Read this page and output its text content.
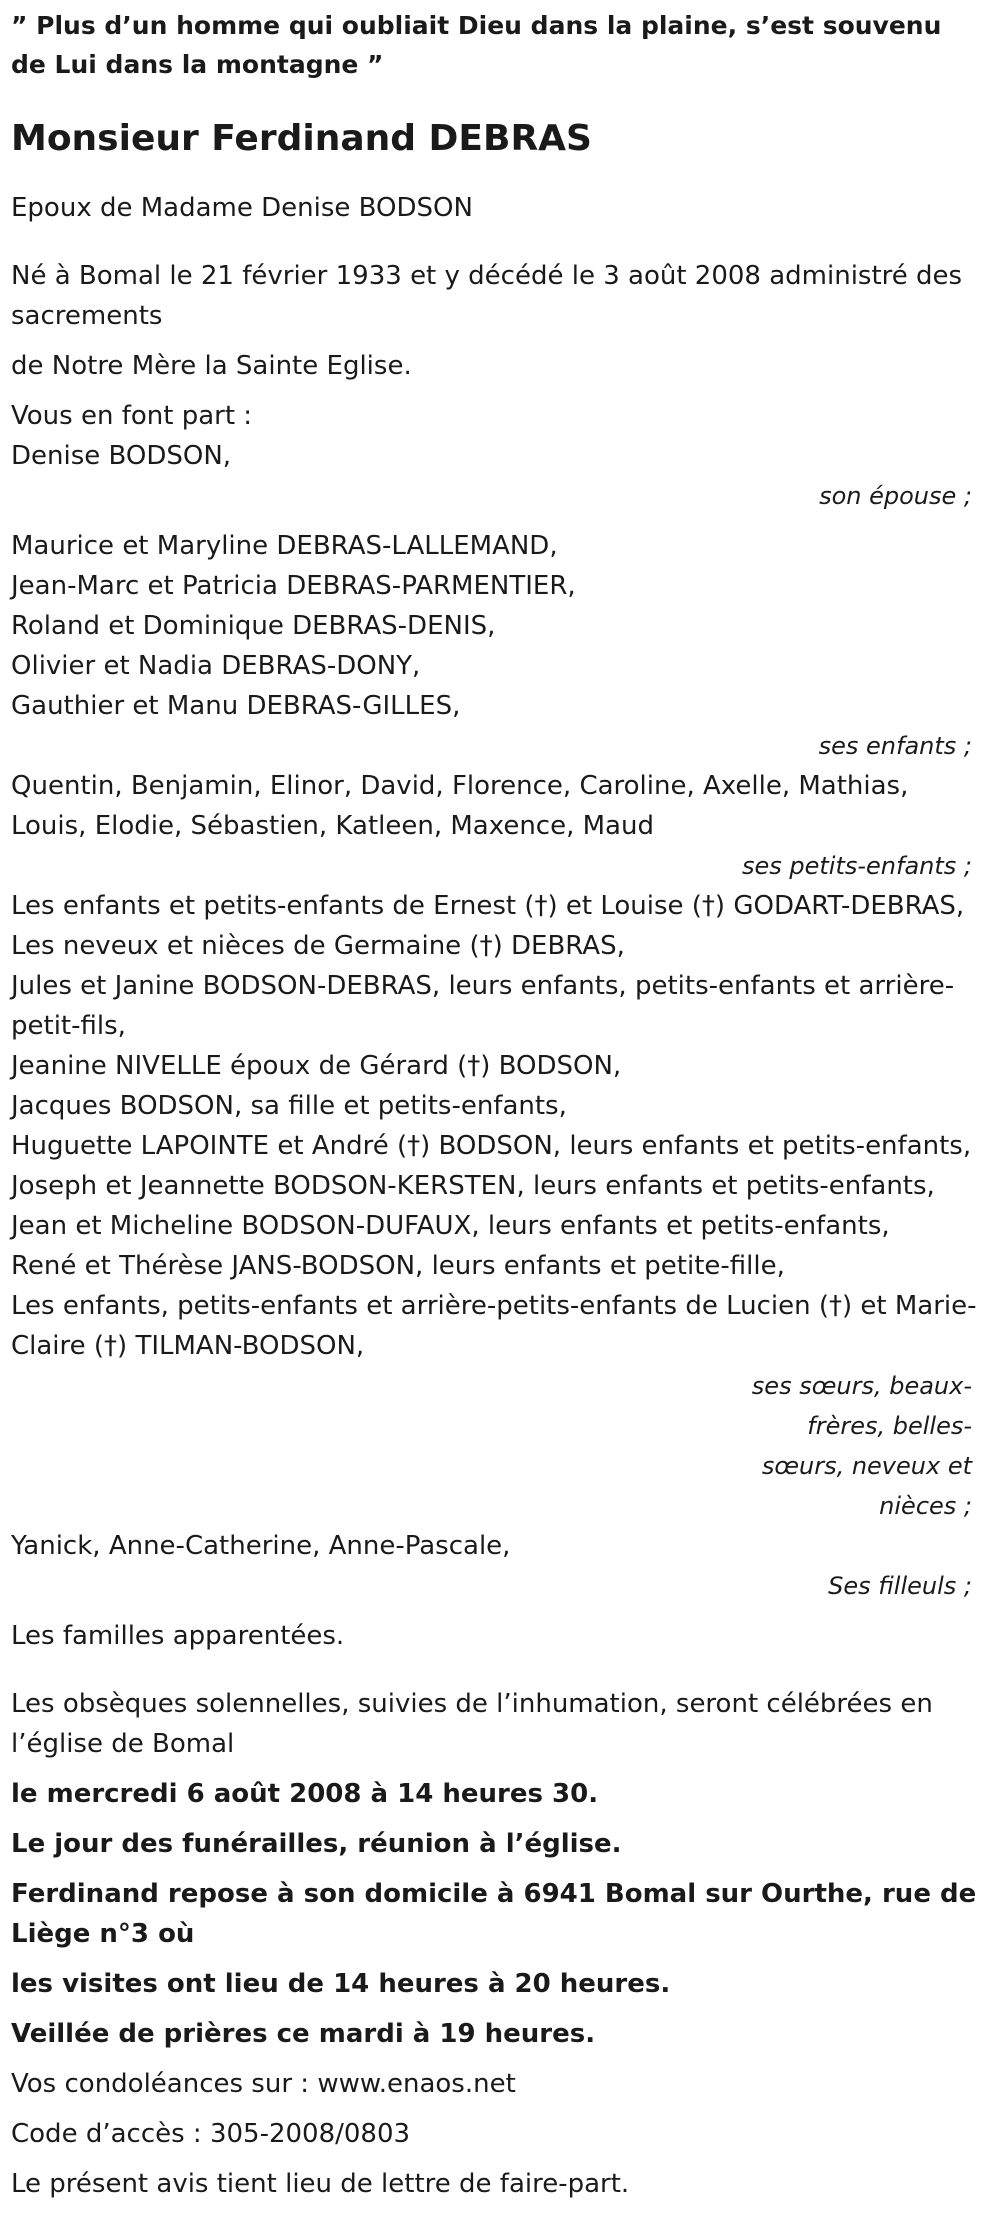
” Plus d’un homme qui oubliait Dieu dans la plaine, s’est souvenu de Lui dans la montagne ”

Monsieur Ferdinand DEBRAS

Epoux de Madame Denise BODSON

Né à Bomal le 21 février 1933 et y décédé le 3 août 2008 administré des sacrements

de Notre Mère la Sainte Eglise.

Vous en font part :

Denise BODSON,

son épouse ;

Maurice et Maryline DEBRAS-LALLEMAND,

Jean-Marc et Patricia DEBRAS-PARMENTIER,

Roland et Dominique DEBRAS-DENIS,

Olivier et Nadia DEBRAS-DONY,

Gauthier et Manu DEBRAS-GILLES,

ses enfants ;

Quentin, Benjamin, Elinor, David, Florence, Caroline, Axelle, Mathias, Louis, Elodie, Sébastien, Katleen, Maxence, Maud

ses petits-enfants ;

Les enfants et petits-enfants de Ernest (†) et Louise (†) GODART-DEBRAS,

Les neveux et nièces de Germaine (†) DEBRAS,

Jules et Janine BODSON-DEBRAS, leurs enfants, petits-enfants et arrière-petit-fils,

Jeanine NIVELLE époux de Gérard (†) BODSON,

Jacques BODSON, sa fille et petits-enfants,

Huguette LAPOINTE et André (†) BODSON, leurs enfants et petits-enfants,

Joseph et Jeannette BODSON-KERSTEN, leurs enfants et petits-enfants,

Jean et Micheline BODSON-DUFAUX, leurs enfants et petits-enfants,

René et Thérèse JANS-BODSON, leurs enfants et petite-fille,

Les enfants, petits-enfants et arrière-petits-enfants de Lucien (†) et Marie-Claire (†) TILMAN-BODSON,

ses sœurs, beaux-frères, belles-sœurs, neveux et nièces ;

Yanick, Anne-Catherine, Anne-Pascale,

Ses filleuls ;

Les familles apparentées.

Les obsèques solennelles, suivies de l’inhumation, seront célébrées en l’église de Bomal

le mercredi 6 août 2008 à 14 heures 30.

Le jour des funérailles, réunion à l’église.

Ferdinand repose à son domicile à 6941 Bomal sur Ourthe, rue de Liège n°3 où

les visites ont lieu de 14 heures à 20 heures.

Veillée de prières ce mardi à 19 heures.

Vos condoléances sur : www.enaos.net

Code d’accès : 305-2008/0803

Le présent avis tient lieu de lettre de faire-part.
